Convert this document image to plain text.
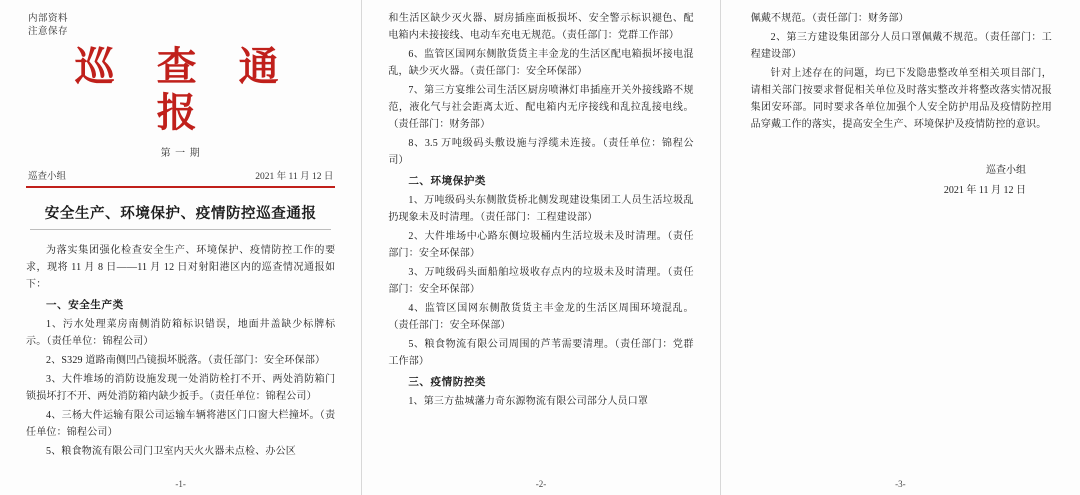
内部资料
注意保存
巡 查 通 报
第 一 期
巡查小组	2021 年 11 月 12 日
安全生产、环境保护、疫情防控巡查通报

为落实集团强化检查安全生产、环境保护、疫情防控工作的要求，现将 11 月 8 日——11 月 12 日对射阳港区内的巡查情况通报如下：

一、安全生产类

1、污水处理菜房南侧消防箱标识错误，地面井盖缺少标牌标示。（责任单位：锦程公司）

2、S329 道路南侧凹凸镜损坏脱落。（责任部门：安全环保部）

3、大件堆场的消防设施发现一处消防栓打不开、两处消防箱门锁损坏打不开、两处消防箱内缺少扳手。（责任单位：锦程公司）

4、三杨大件运输有限公司运输车辆将港区门口窗大栏撞坏。（责任单位：锦程公司）

5、粮食物流有限公司门卫室内天火火器未点检、办公区

-1-

和生活区缺少灭火器、厨房插座面板损坏、安全警示标识褪色、配电箱内未接接线、电动车充电无规范。（责任部门：党群工作部）

6、监管区国网东侧散货货主丰金龙的生活区配电箱损坏接电混乱，缺少灭火器。（责任部门：安全环保部）

7、第三方宴维公司生活区厨房喷淋灯串插座开关外接线路不规范，液化气与社会距离太近、配电箱内无序接线和乱拉乱接电线。（责任部门：财务部）

8、3.5 万吨级码头敷设施与浮缆未连接。（责任单位：锦程公司）

二、环境保护类

1、万吨级码头东侧散货桥北侧发现建设集团工人员生活垃圾乱扔现象未及时清理。（责任部门：工程建设部）

2、大件堆场中心路东侧垃圾桶内生活垃圾未及时清理。（责任部门：安全环保部）

3、万吨级码头面船舶垃圾收存点内的垃圾未及时清理。（责任部门：安全环保部）

4、监管区国网东侧散货货主丰金龙的生活区周围环境混乱。（责任部门：安全环保部）

5、粮食物流有限公司周围的芦苇需要清理。（责任部门：党群工作部）

三、疫情防控类

1、第三方盐城藩力奇东源物流有限公司部分人员口罩

-2-

佩戴不规范。（责任部门：财务部）

2、第三方建设集团部分人员口罩佩戴不规范。（责任部门：工程建设部）

针对上述存在的问题，均已下发隐患整改单至相关项目部门，请相关部门按要求督促相关单位及时落实整改并将整改落实情况报集团安环部。同时要求各单位加强个人安全防护用品及疫情防控用品穿戴工作的落实，提高安全生产、环境保护及疫情防控的意识。

巡查小组
2021 年 11 月 12 日
-3-
